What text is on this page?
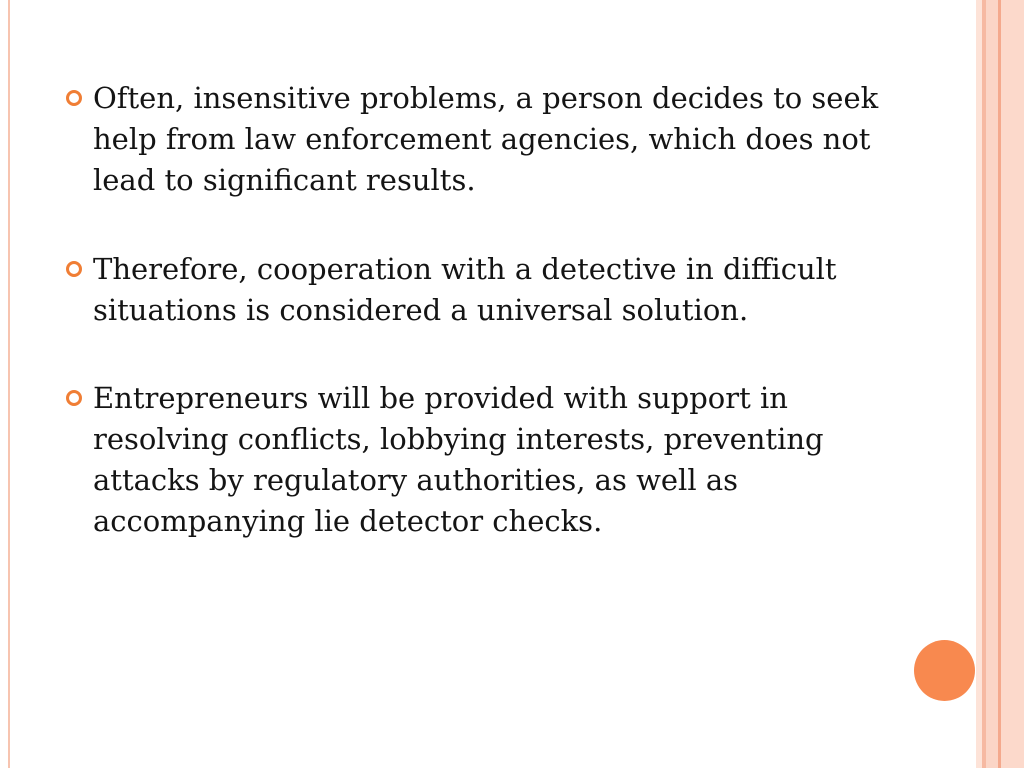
Often, insensitive problems, a person decides to seek help from law enforcement agencies, which does not lead to significant results.
Therefore, cooperation with a detective in difficult situations is considered a universal solution.
Entrepreneurs will be provided with support in resolving conflicts, lobbying interests, preventing attacks by regulatory authorities, as well as accompanying lie detector checks.
